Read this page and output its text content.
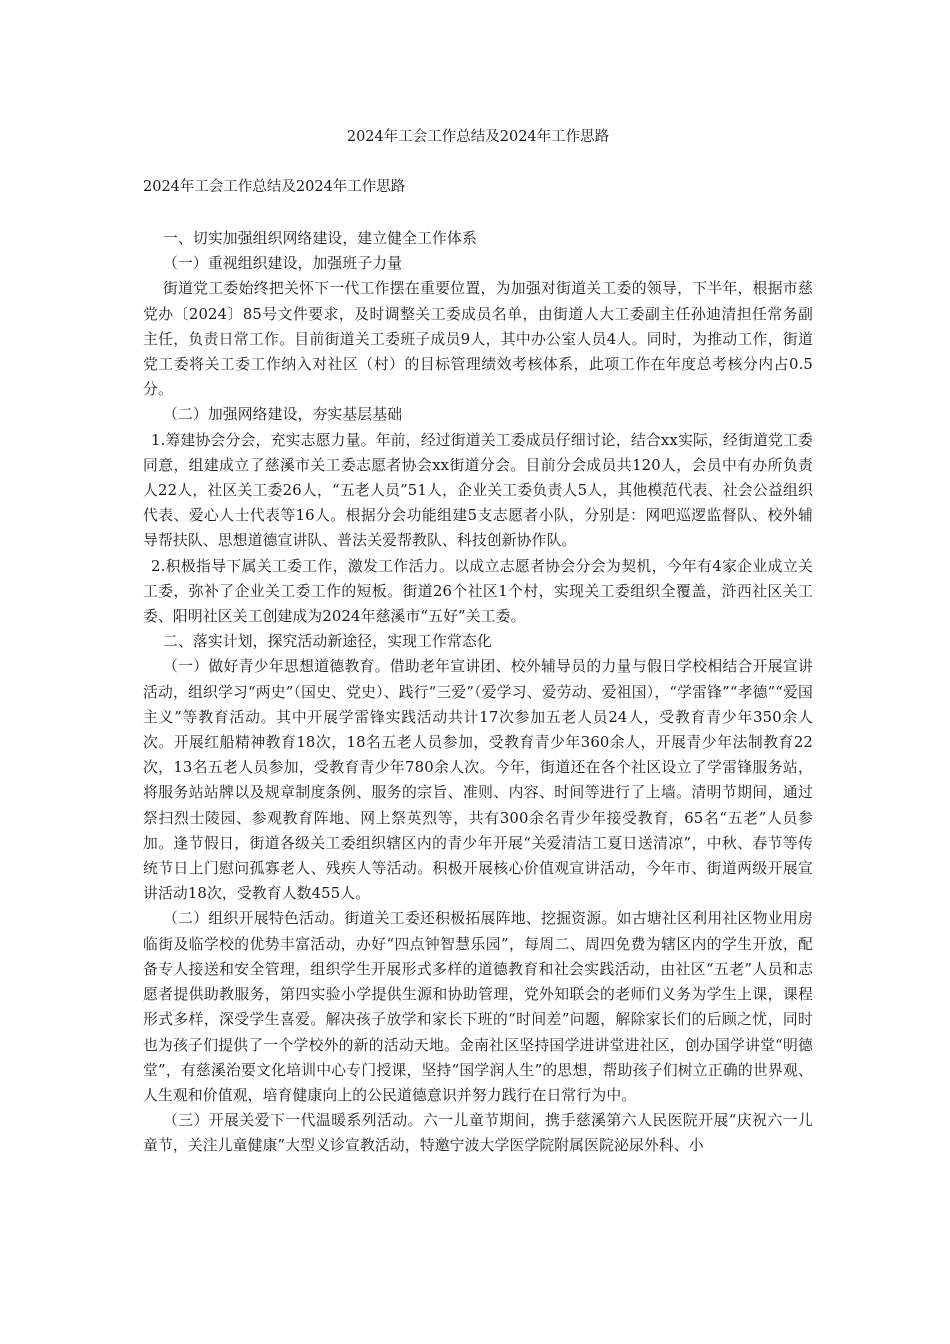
2024年工会工作总结及2024年工作思路
2024年工会工作总结及2024年工作思路

一、切实加强组织网络建设，建立健全工作体系

（一）重视组织建设，加强班子力量

街道党工委始终把关怀下一代工作摆在重要位置，为加强对街道关工委的领导，下半年，根据市慈党办〔2024〕85号文件要求，及时调整关工委成员名单，由街道人大工委副主任孙迪清担任常务副主任，负责日常工作。目前街道关工委班子成员9人，其中办公室人员4人。同时，为推动工作，街道党工委将关工委工作纳入对社区（村）的目标管理绩效考核体系，此项工作在年度总考核分内占0.5分。

（二）加强网络建设，夯实基层基础

1.筹建协会分会，充实志愿力量。年前，经过街道关工委成员仔细讨论，结合xx实际，经街道党工委同意，组建成立了慈溪市关工委志愿者协会xx街道分会。目前分会成员共120人，会员中有办所负责人22人，社区关工委26人，“五老人员”51人，企业关工委负责人5人，其他模范代表、社会公益组织代表、爱心人士代表等16人。根据分会功能组建5支志愿者小队，分别是：网吧巡逻监督队、校外辅导帮扶队、思想道德宣讲队、普法关爱帮教队、科技创新协作队。

2.积极指导下属关工委工作，激发工作活力。以成立志愿者协会分会为契机，今年有4家企业成立关工委，弥补了企业关工委工作的短板。街道26个社区1个村，实现关工委组织全覆盖，浒西社区关工委、阳明社区关工创建成为2024年慈溪市“五好”关工委。

二、落实计划，探究活动新途径，实现工作常态化

（一）做好青少年思想道德教育。借助老年宣讲团、校外辅导员的力量与假日学校相结合开展宣讲活动，组织学习“两史”（国史、党史）、践行“三爱”（爱学习、爱劳动、爱祖国），“学雷锋”“孝德”“爱国主义”等教育活动。其中开展学雷锋实践活动共计17次参加五老人员24人，受教育青少年350余人次。开展红船精神教育18次，18名五老人员参加，受教育青少年360余人，开展青少年法制教育22次，13名五老人员参加，受教育青少年780余人次。今年，街道还在各个社区设立了学雷锋服务站，将服务站站牌以及规章制度条例、服务的宗旨、准则、内容、时间等进行了上墙。清明节期间，通过祭扫烈士陵园、参观教育阵地、网上祭英烈等，共有300余名青少年接受教育，65名“五老”人员参加。逢节假日，街道各级关工委组织辖区内的青少年开展“关爱清洁工夏日送清凉”，中秋、春节等传统节日上门慰问孤寡老人、残疾人等活动。积极开展核心价值观宣讲活动，今年市、街道两级开展宣讲活动18次，受教育人数455人。

（二）组织开展特色活动。街道关工委还积极拓展阵地、挖掘资源。如古塘社区利用社区物业用房临街及临学校的优势丰富活动，办好“四点钟智慧乐园”，每周二、周四免费为辖区内的学生开放，配备专人接送和安全管理，组织学生开展形式多样的道德教育和社会实践活动，由社区“五老”人员和志愿者提供助教服务，第四实验小学提供生源和协助管理，党外知联会的老师们义务为学生上课，课程形式多样，深受学生喜爱。解决孩子放学和家长下班的“时间差”问题，解除家长们的后顾之忧，同时也为孩子们提供了一个学校外的新的活动天地。金南社区坚持国学进讲堂进社区，创办国学讲堂“明德堂”，有慈溪治要文化培训中心专门授课，坚持“国学润人生”的思想，帮助孩子们树立正确的世界观、人生观和价值观，培育健康向上的公民道德意识并努力践行在日常行为中。

（三）开展关爱下一代温暖系列活动。六一儿童节期间，携手慈溪第六人民医院开展“庆祝六一儿童节，关注儿童健康”大型义诊宣教活动，特邀宁波大学医学院附属医院泌尿外科、小
